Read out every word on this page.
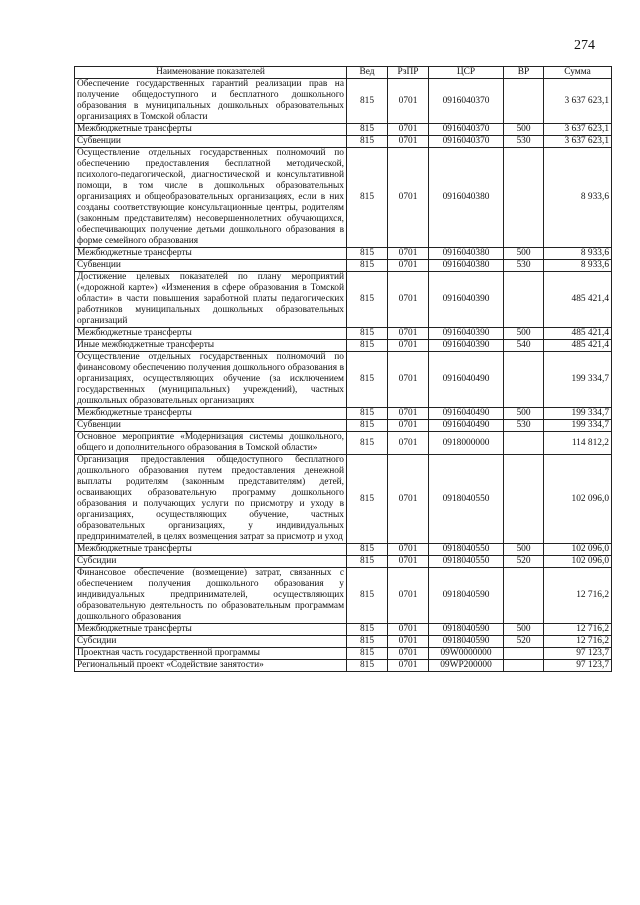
274
Наименование показателей	Вед	РзПР	ЦСР	ВР	Сумма
Обеспечение государственных гарантий реализации прав на получение общедоступного и бесплатного дошкольного образования в муниципальных дошкольных образовательных организациях в Томской области	815	0701	0916040370		3 637 623,1
Межбюджетные трансферты	815	0701	0916040370	500	3 637 623,1
Субвенции	815	0701	0916040370	530	3 637 623,1
Осуществление отдельных государственных полномочий по обеспечению предоставления бесплатной методической, психолого-педагогической, диагностической и консультативной помощи, в том числе в дошкольных образовательных организациях и общеобразовательных организациях, если в них созданы соответствующие консультационные центры, родителям (законным представителям) несовершеннолетних обучающихся, обеспечивающих получение детьми дошкольного образования в форме семейного образования	815	0701	0916040380		8 933,6
Межбюджетные трансферты	815	0701	0916040380	500	8 933,6
Субвенции	815	0701	0916040380	530	8 933,6
Достижение целевых показателей по плану мероприятий («дорожной карте») «Изменения в сфере образования в Томской области» в части повышения заработной платы педагогических работников муниципальных дошкольных образовательных организаций	815	0701	0916040390		485 421,4
Межбюджетные трансферты	815	0701	0916040390	500	485 421,4
Иные межбюджетные трансферты	815	0701	0916040390	540	485 421,4
Осуществление отдельных государственных полномочий по финансовому обеспечению получения дошкольного образования в организациях, осуществляющих обучение (за исключением государственных (муниципальных) учреждений), частных дошкольных образовательных организациях	815	0701	0916040490		199 334,7
Межбюджетные трансферты	815	0701	0916040490	500	199 334,7
Субвенции	815	0701	0916040490	530	199 334,7
Основное мероприятие «Модернизация системы дошкольного, общего и дополнительного образования в Томской области»	815	0701	0918000000		114 812,2
Организация предоставления общедоступного бесплатного дошкольного образования путем предоставления денежной выплаты родителям (законным представителям) детей, осваивающих образовательную программу дошкольного образования и получающих услуги по присмотру и уходу в организациях, осуществляющих обучение, частных образовательных организациях, у индивидуальных предпринимателей, в целях возмещения затрат за присмотр и уход	815	0701	0918040550		102 096,0
Межбюджетные трансферты	815	0701	0918040550	500	102 096,0
Субсидии	815	0701	0918040550	520	102 096,0
Финансовое обеспечение (возмещение) затрат, связанных с обеспечением получения дошкольного образования у индивидуальных предпринимателей, осуществляющих образовательную деятельность по образовательным программам дошкольного образования	815	0701	0918040590		12 716,2
Межбюджетные трансферты	815	0701	0918040590	500	12 716,2
Субсидии	815	0701	0918040590	520	12 716,2
Проектная часть государственной программы	815	0701	09W0000000		97 123,7
Региональный проект «Содействие занятости»	815	0701	09WP200000		97 123,7
